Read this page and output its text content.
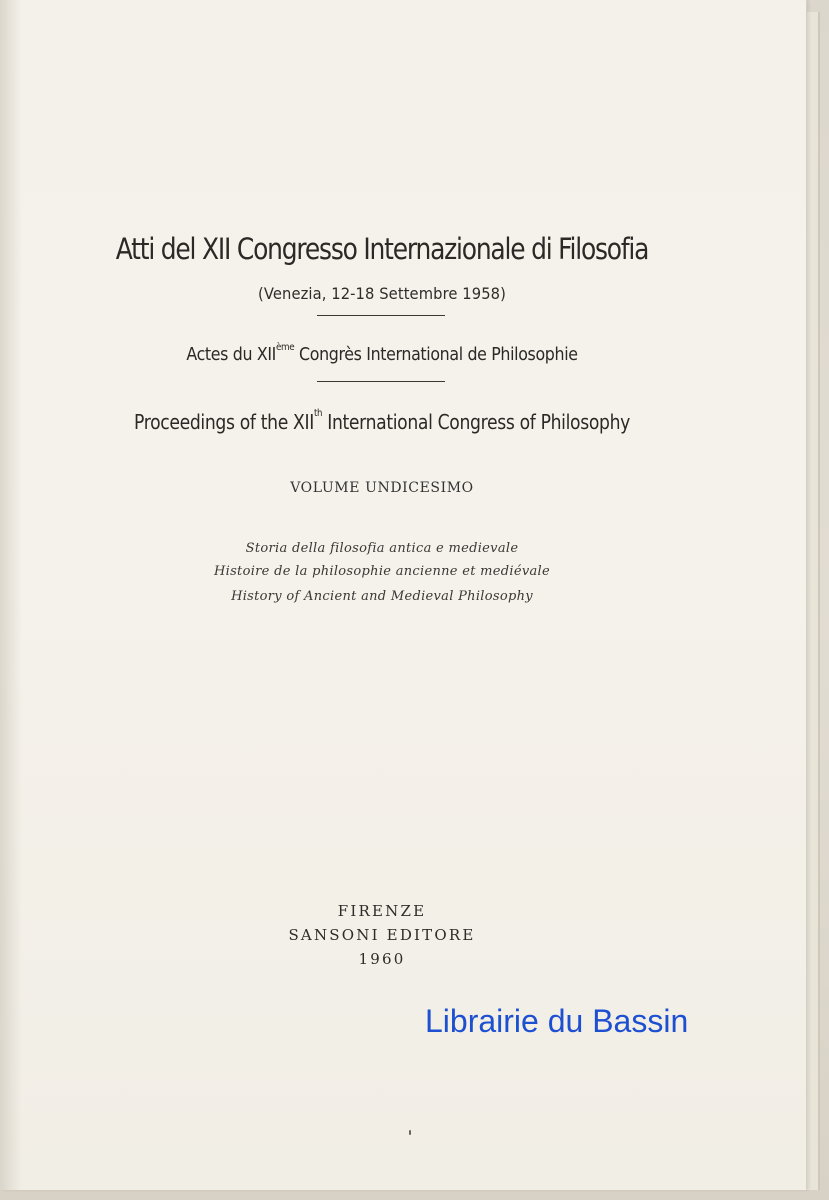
Atti del XII Congresso Internazionale di Filosofia
(Venezia, 12-18 Settembre 1958)
Actes du XIIème Congrès International de Philosophie
Proceedings of the XIIth International Congress of Philosophy
VOLUME UNDICESIMO
Storia della filosofia antica e medievale
Histoire de la philosophie ancienne et mediévale
History of Ancient and Medieval Philosophy
FIRENZE
SANSONI EDITORE
1960
Librairie du Bassin
